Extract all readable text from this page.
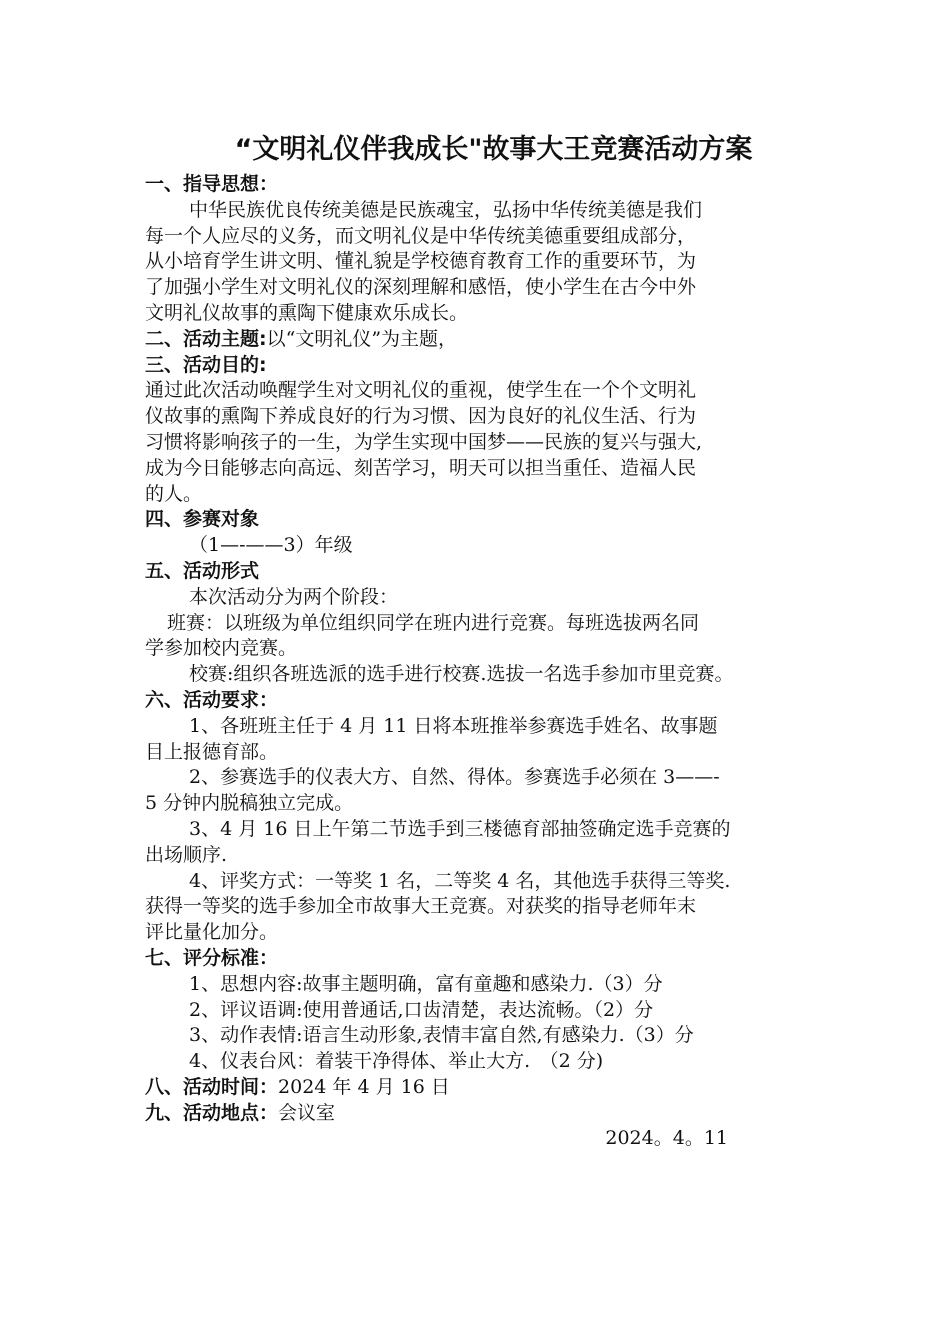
“文明礼仪伴我成长"故事大王竞赛活动方案
一、指导思想：
中华民族优良传统美德是民族魂宝，弘扬中华传统美德是我们
每一个人应尽的义务，而文明礼仪是中华传统美德重要组成部分，
从小培育学生讲文明、懂礼貌是学校德育教育工作的重要环节，为
了加强小学生对文明礼仪的深刻理解和感悟，使小学生在古今中外
文明礼仪故事的熏陶下健康欢乐成长。
二、活动主题:以“文明礼仪”为主题，
三、活动目的:
通过此次活动唤醒学生对文明礼仪的重视，使学生在一个个文明礼
仪故事的熏陶下养成良好的行为习惯、因为良好的礼仪生活、行为
习惯将影响孩子的一生，为学生实现中国梦——民族的复兴与强大,
成为今日能够志向高远、刻苦学习，明天可以担当重任、造福人民
的人。
四、参赛对象
（1—-——3）年级
五、活动形式
本次活动分为两个阶段：
班赛：以班级为单位组织同学在班内进行竞赛。每班选拔两名同
学参加校内竞赛。
校赛:组织各班选派的选手进行校赛.选拔一名选手参加市里竞赛。
六、活动要求：
1、各班班主任于 4 月 11 日将本班推举参赛选手姓名、故事题
目上报德育部。
2、参赛选手的仪表大方、自然、得体。参赛选手必须在 3——-
5 分钟内脱稿独立完成。
3、4 月 16 日上午第二节选手到三楼德育部抽签确定选手竞赛的
出场顺序.
4、评奖方式：一等奖 1 名，二等奖 4 名，其他选手获得三等奖.
获得一等奖的选手参加全市故事大王竞赛。对获奖的指导老师年末
评比量化加分。
七、评分标准：
1、思想内容:故事主题明确，富有童趣和感染力.（3）分
2、评议语调:使用普通话,口齿清楚，表达流畅。（2）分
3、动作表情:语言生动形象,表情丰富自然,有感染力.（3）分
4、仪表台风：着装干净得体、举止大方.　（2 分)
八、活动时间：2024 年 4 月 16 日
九、活动地点：会议室
2024。4。11
